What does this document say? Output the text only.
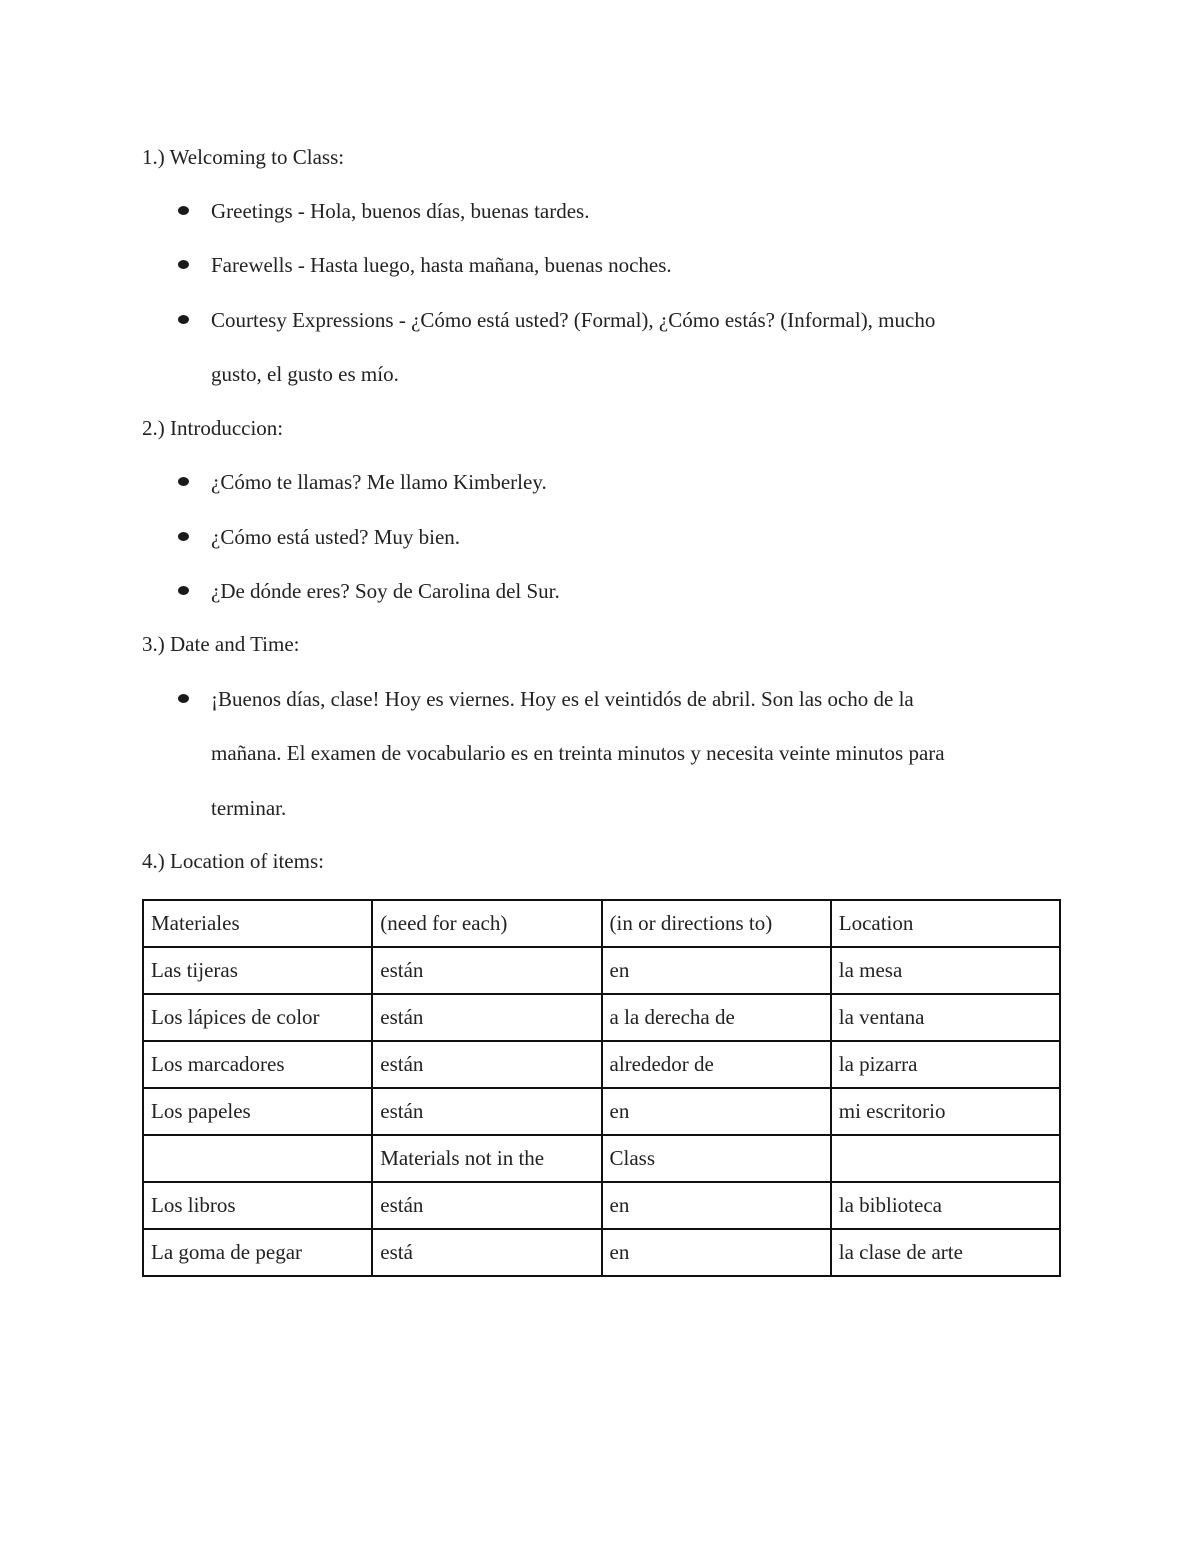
1.) Welcoming to Class:
Greetings - Hola, buenos días, buenas tardes.
Farewells - Hasta luego, hasta mañana, buenas noches.
Courtesy Expressions - ¿Cómo está usted? (Formal), ¿Cómo estás? (Informal), mucho
gusto, el gusto es mío.
2.) Introduccion:
¿Cómo te llamas? Me llamo Kimberley.
¿Cómo está usted? Muy bien.
¿De dónde eres? Soy de Carolina del Sur.
3.) Date and Time:
¡Buenos días, clase! Hoy es viernes. Hoy es el veintidós de abril. Son las ocho de la
mañana. El examen de vocabulario es en treinta minutos y necesita veinte minutos para
terminar.
4.) Location of items:
Materiales	(need for each)	(in or directions to)	Location
Las tijeras	están	en	la mesa
Los lápices de color	están	a la derecha de	la ventana
Los marcadores	están	alrededor de	la pizarra
Los papeles	están	en	mi escritorio
	Materials not in the	Class	
Los libros	están	en	la biblioteca
La goma de pegar	está	en	la clase de arte
